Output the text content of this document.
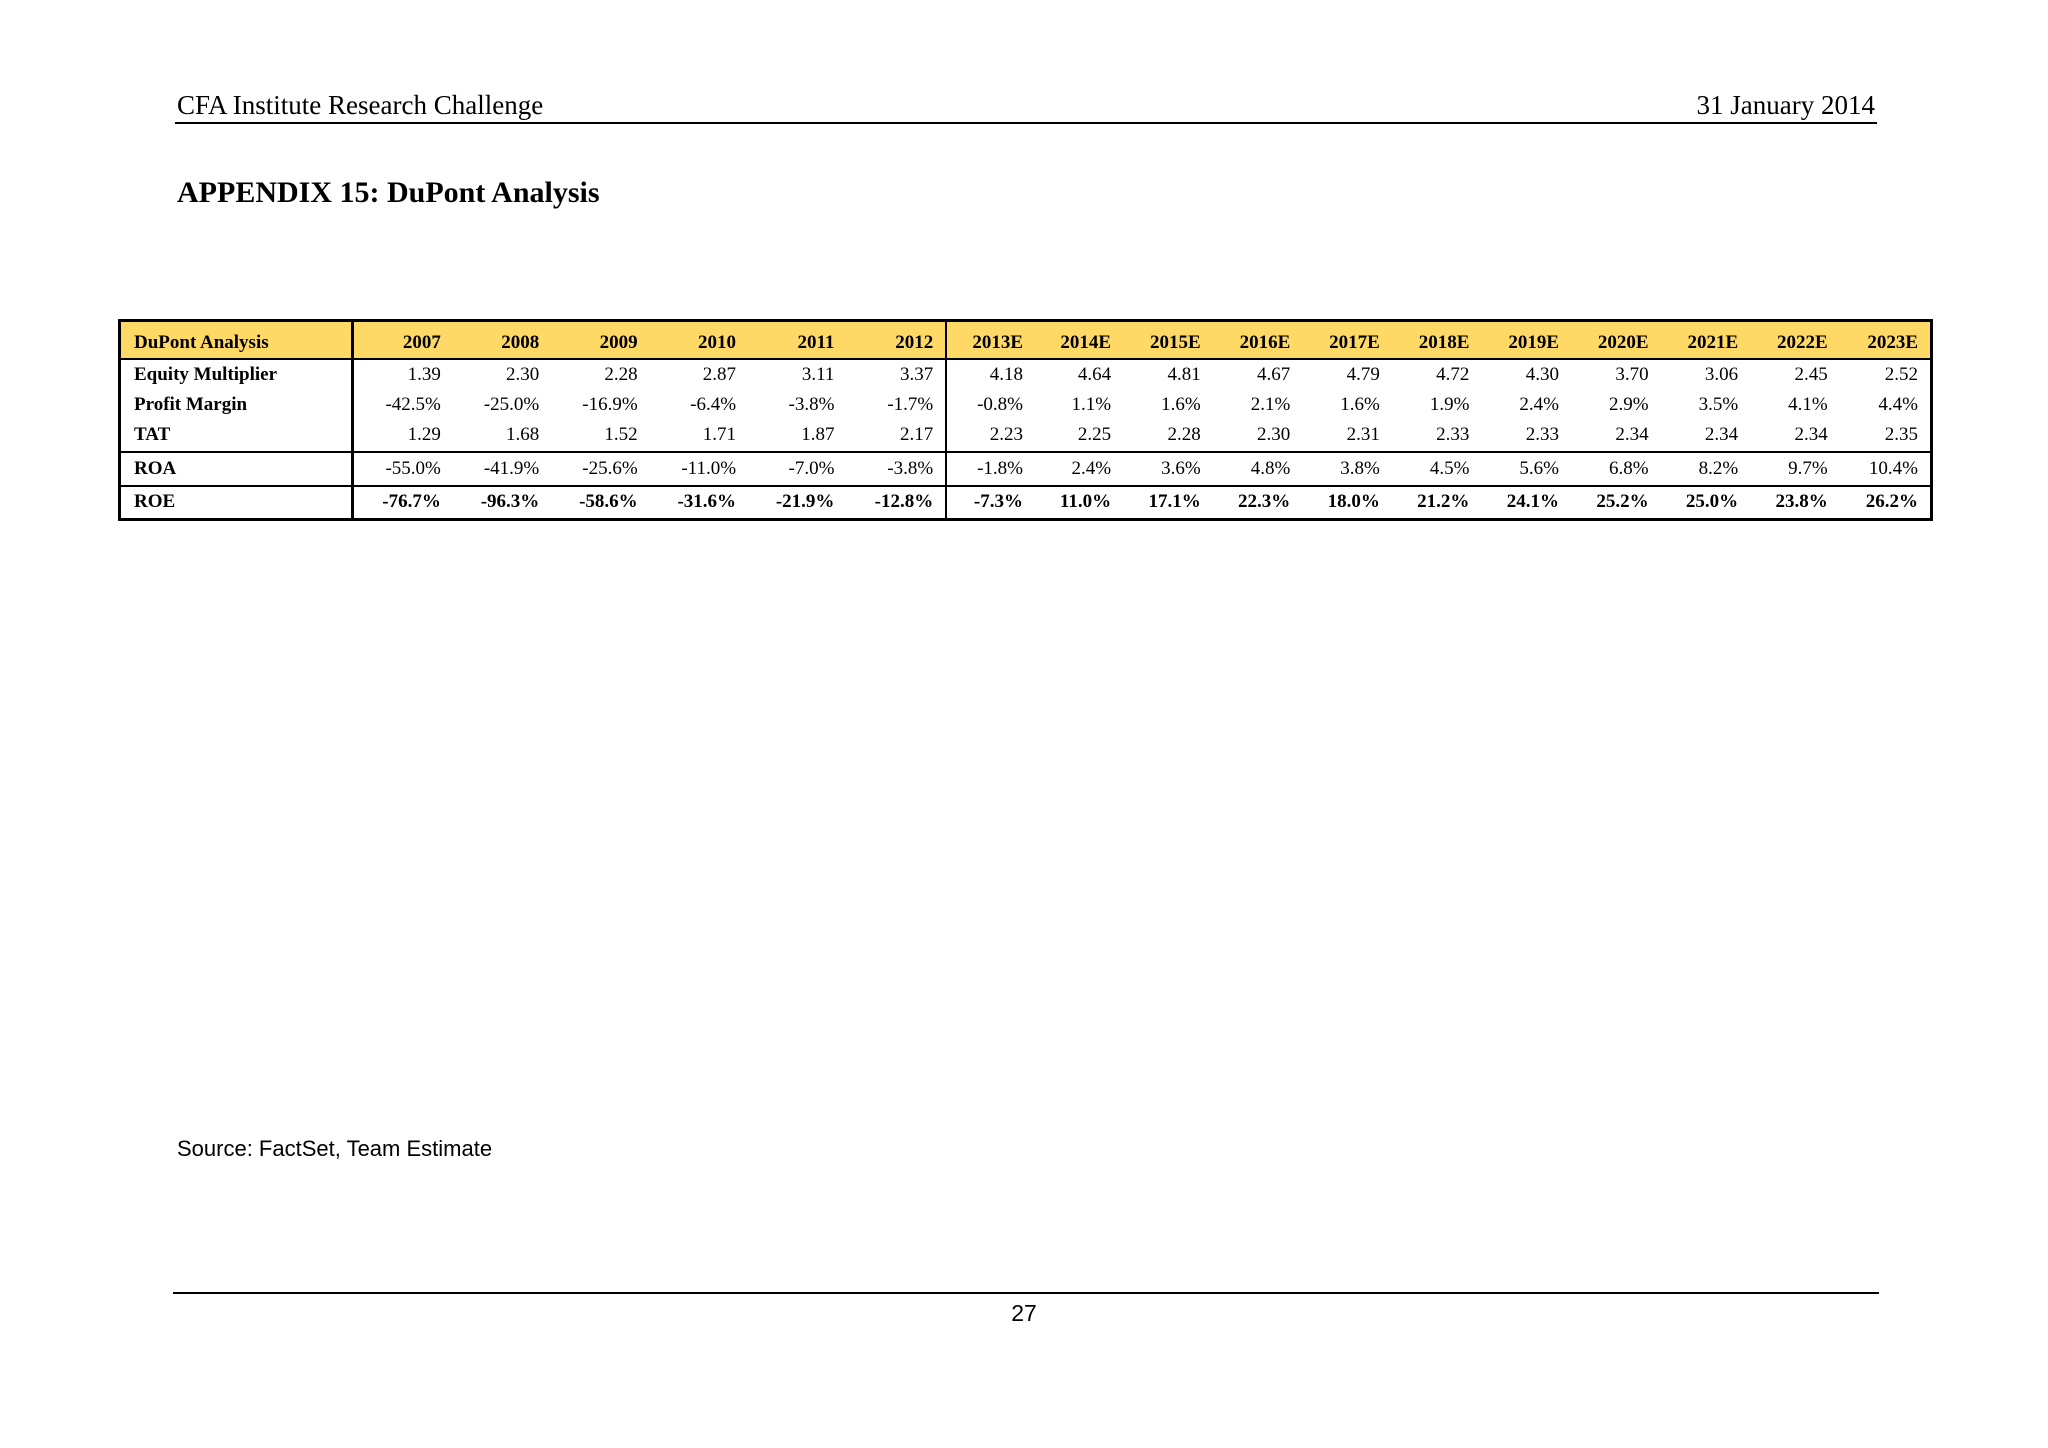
CFA Institute Research Challenge	31 January 2014
APPENDIX 15: DuPont Analysis
DuPont Analysis	2007	2008	2009	2010	2011	2012	2013E	2014E	2015E	2016E	2017E	2018E	2019E	2020E	2021E	2022E	2023E
Equity Multiplier	1.39	2.30	2.28	2.87	3.11	3.37	4.18	4.64	4.81	4.67	4.79	4.72	4.30	3.70	3.06	2.45	2.52
Profit Margin	-42.5%	-25.0%	-16.9%	-6.4%	-3.8%	-1.7%	-0.8%	1.1%	1.6%	2.1%	1.6%	1.9%	2.4%	2.9%	3.5%	4.1%	4.4%
TAT	1.29	1.68	1.52	1.71	1.87	2.17	2.23	2.25	2.28	2.30	2.31	2.33	2.33	2.34	2.34	2.34	2.35
ROA	-55.0%	-41.9%	-25.6%	-11.0%	-7.0%	-3.8%	-1.8%	2.4%	3.6%	4.8%	3.8%	4.5%	5.6%	6.8%	8.2%	9.7%	10.4%
ROE	-76.7%	-96.3%	-58.6%	-31.6%	-21.9%	-12.8%	-7.3%	11.0%	17.1%	22.3%	18.0%	21.2%	24.1%	25.2%	25.0%	23.8%	26.2%
Source: FactSet, Team Estimate
27
